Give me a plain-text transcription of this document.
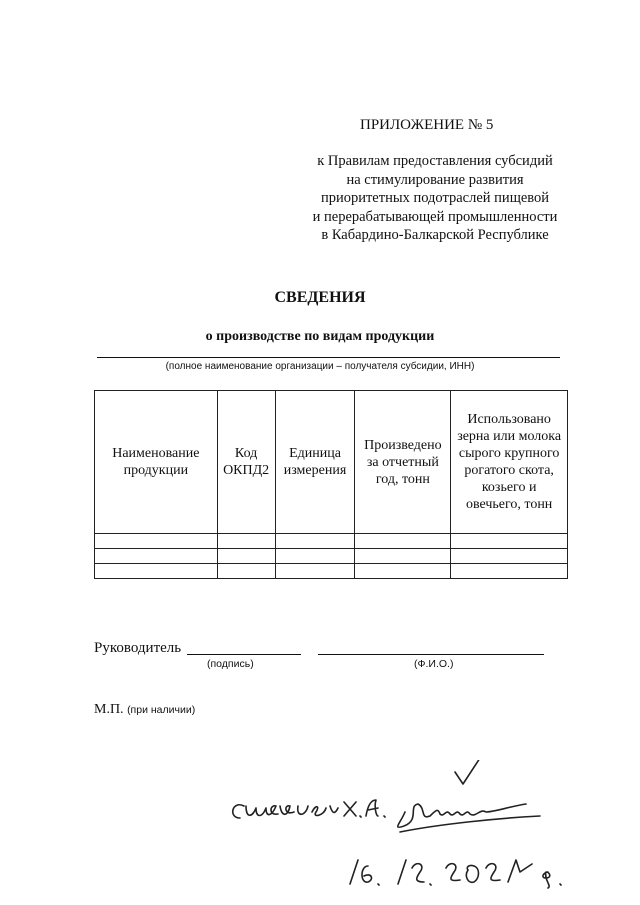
ПРИЛОЖЕНИЕ № 5
к Правилам предоставления субсидий
на стимулирование развития
приоритетных подотраслей пищевой
и перерабатывающей промышленности
в Кабардино-Балкарской Республике
СВЕДЕНИЯ
о производстве по видам продукции
(полное наименование организации – получателя субсидии, ИНН)
Наименование продукции	Код ОКПД2	Единица измерения	Произведено за отчетный год, тонн	Использовано зерна или молока сырого крупного рогатого скота, козьего и овечьего, тонн

Руководитель
(подпись)	(Ф.И.О.)
М.П. (при наличии)
